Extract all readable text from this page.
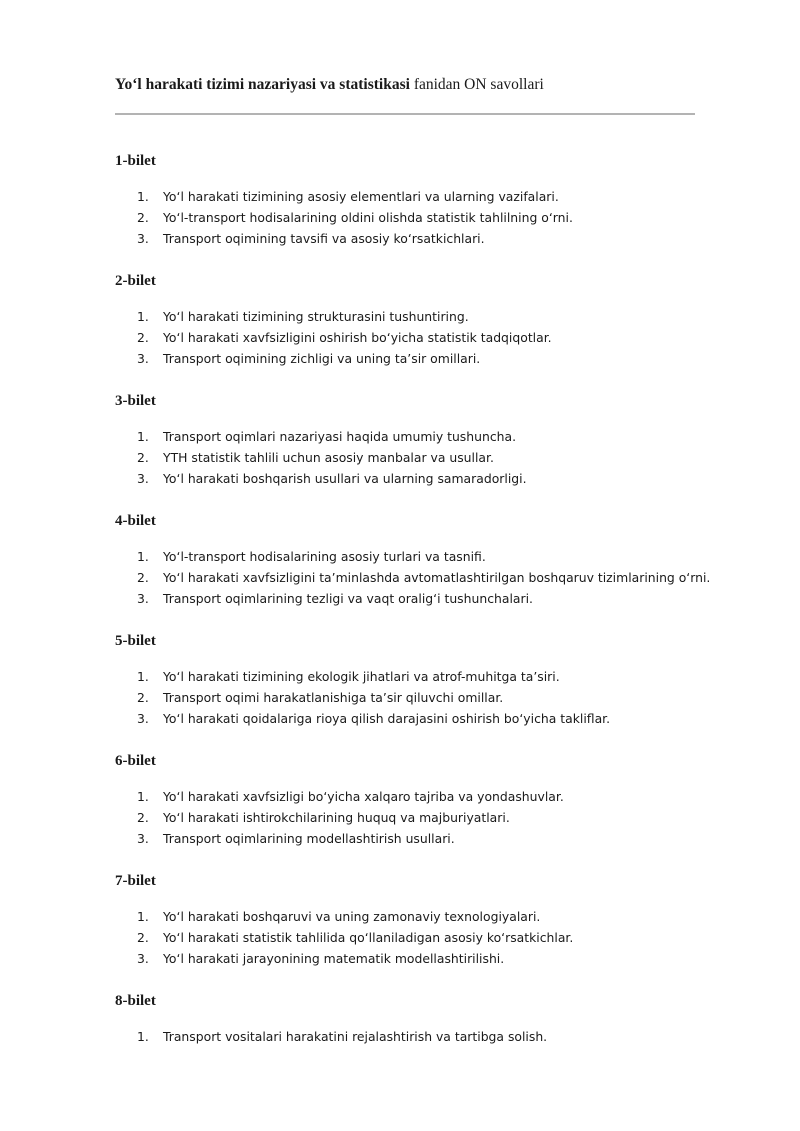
Yo‘l harakati tizimi nazariyasi va statistikasi fanidan ON savollari
1-bilet
1. Yo‘l harakati tizimining asosiy elementlari va ularning vazifalari.
2. Yo‘l-transport hodisalarining oldini olishda statistik tahlilning o‘rni.
3. Transport oqimining tavsifi va asosiy ko‘rsatkichlari.
2-bilet
1. Yo‘l harakati tizimining strukturasini tushuntiring.
2. Yo‘l harakati xavfsizligini oshirish bo‘yicha statistik tadqiqotlar.
3. Transport oqimining zichligi va uning ta’sir omillari.
3-bilet
1. Transport oqimlari nazariyasi haqida umumiy tushuncha.
2. YTH statistik tahlili uchun asosiy manbalar va usullar.
3. Yo‘l harakati boshqarish usullari va ularning samaradorligi.
4-bilet
1. Yo‘l-transport hodisalarining asosiy turlari va tasnifi.
2. Yo‘l harakati xavfsizligini ta’minlashda avtomatlashtirilgan boshqaruv tizimlarining o‘rni.
3. Transport oqimlarining tezligi va vaqt oralig‘i tushunchalari.
5-bilet
1. Yo‘l harakati tizimining ekologik jihatlari va atrof-muhitga ta’siri.
2. Transport oqimi harakatlanishiga ta’sir qiluvchi omillar.
3. Yo‘l harakati qoidalariga rioya qilish darajasini oshirish bo‘yicha takliflar.
6-bilet
1. Yo‘l harakati xavfsizligi bo‘yicha xalqaro tajriba va yondashuvlar.
2. Yo‘l harakati ishtirokchilarining huquq va majburiyatlari.
3. Transport oqimlarining modellashtirish usullari.
7-bilet
1. Yo‘l harakati boshqaruvi va uning zamonaviy texnologiyalari.
2. Yo‘l harakati statistik tahlilida qo‘llaniladigan asosiy ko‘rsatkichlar.
3. Yo‘l harakati jarayonining matematik modellashtirilishi.
8-bilet
1. Transport vositalari harakatini rejalashtirish va tartibga solish.
